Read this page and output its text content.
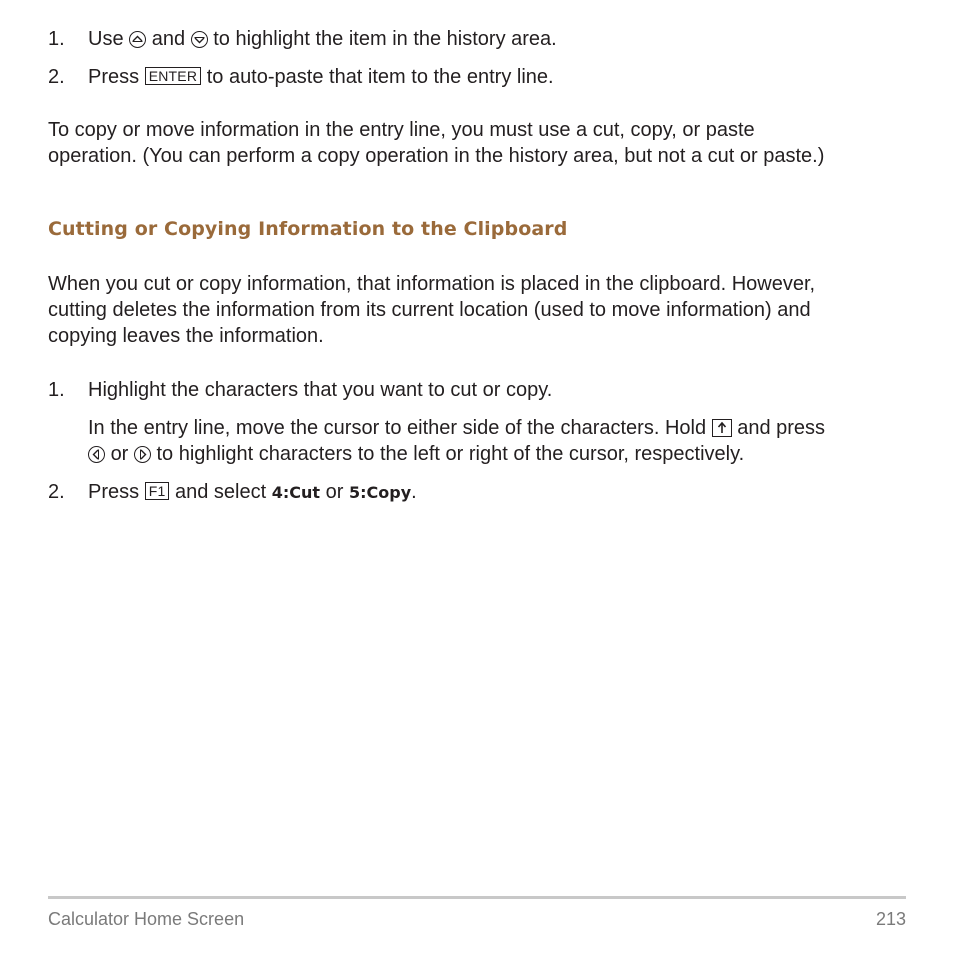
1. Use and to highlight the item in the history area.
2. Press ENTER to auto-paste that item to the entry line.
To copy or move information in the entry line, you must use a cut, copy, or paste
operation. (You can perform a copy operation in the history area, but not a cut or paste.)
Cutting or Copying Information to the Clipboard
When you cut or copy information, that information is placed in the clipboard. However,
cutting deletes the information from its current location (used to move information) and
copying leaves the information.
1. Highlight the characters that you want to cut or copy.
In the entry line, move the cursor to either side of the characters. Hold and press
or to highlight characters to the left or right of the cursor, respectively.
2. Press F1 and select 4:Cut or 5:Copy.
Calculator Home Screen	213
